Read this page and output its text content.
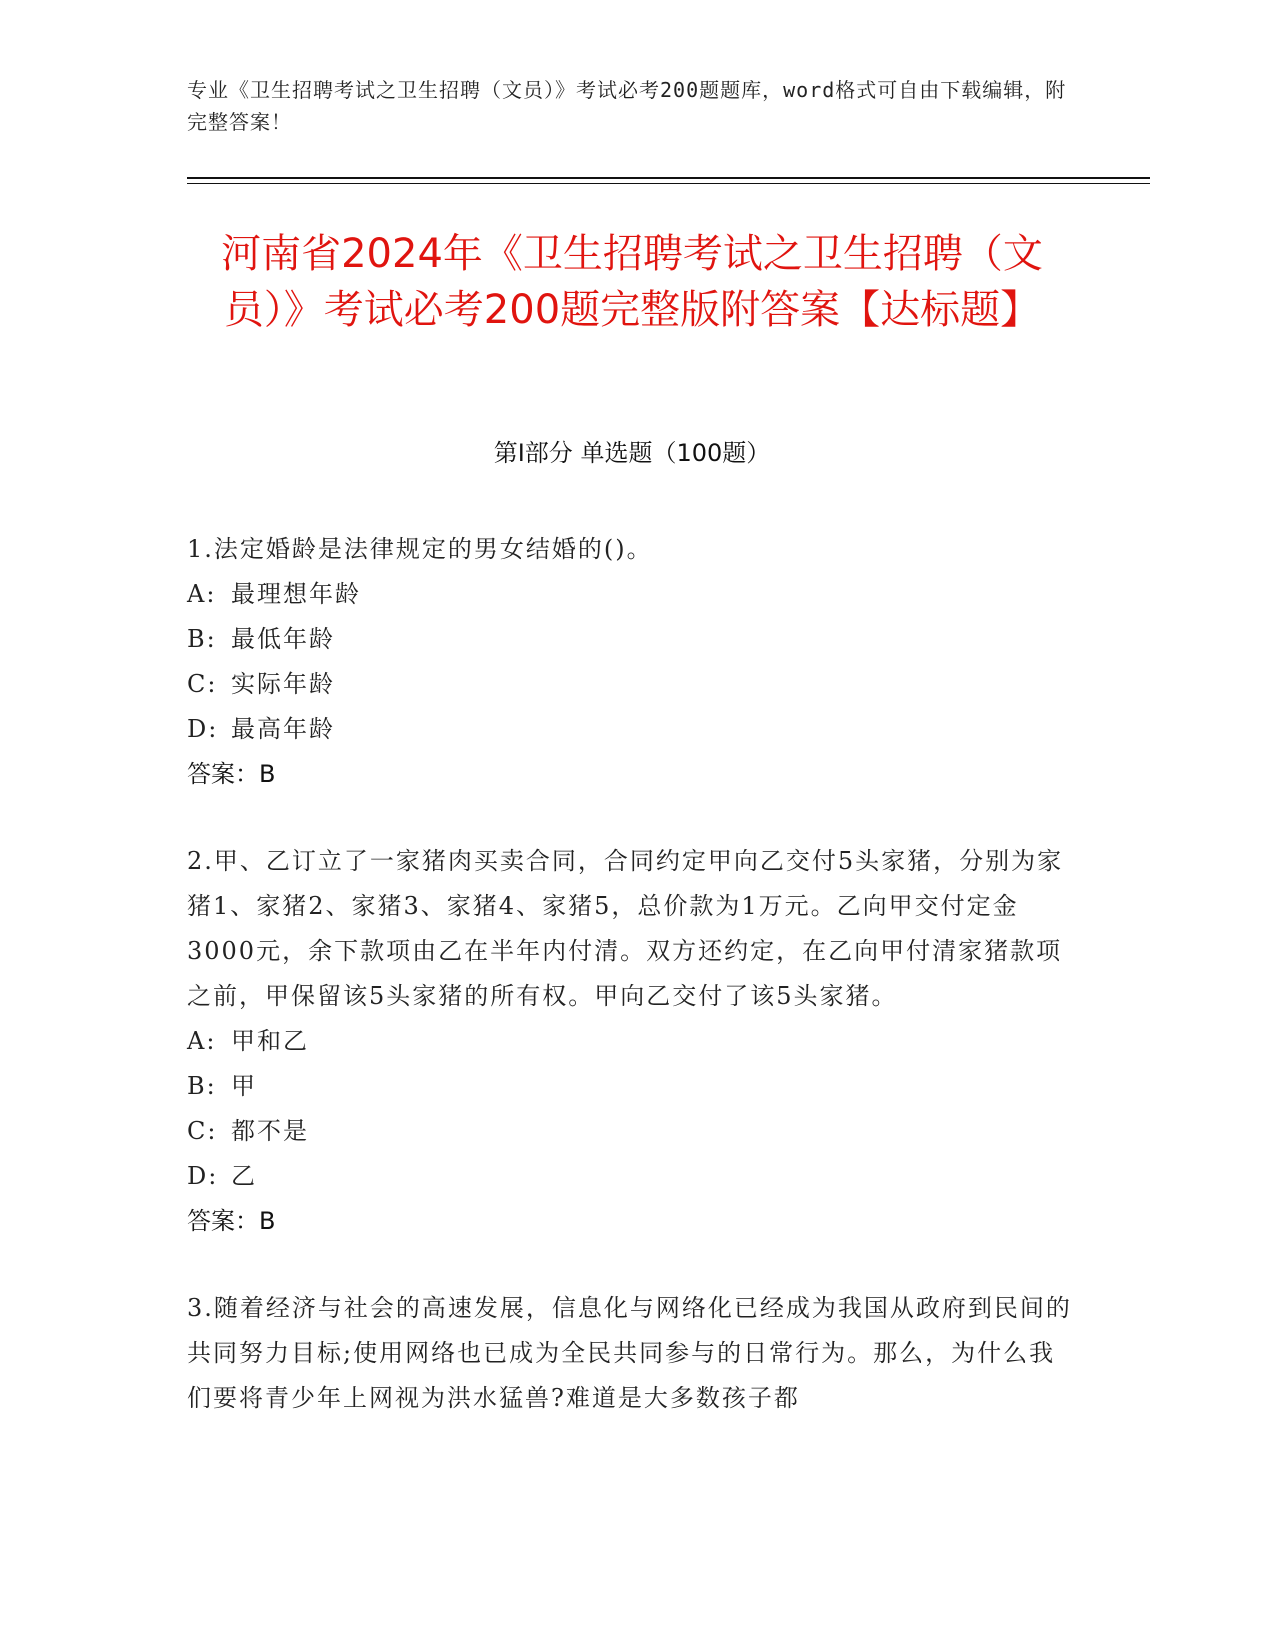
专业《卫生招聘考试之卫生招聘（文员）》考试必考200题题库，word格式可自由下载编辑，附完整答案！
河南省2024年《卫生招聘考试之卫生招聘（文员）》考试必考200题完整版附答案【达标题】
第I部分 单选题（100题）
1.法定婚龄是法律规定的男女结婚的()。
A: 最理想年龄
B: 最低年龄
C: 实际年龄
D: 最高年龄
答案：B
2.甲、乙订立了一家猪肉买卖合同，合同约定甲向乙交付5头家猪，分别为家猪1、家猪2、家猪3、家猪4、家猪5，总价款为1万元。乙向甲交付定金3000元，余下款项由乙在半年内付清。双方还约定，在乙向甲付清家猪款项之前，甲保留该5头家猪的所有权。甲向乙交付了该5头家猪。
A: 甲和乙
B: 甲
C: 都不是
D: 乙
答案：B
3.随着经济与社会的高速发展，信息化与网络化已经成为我国从政府到民间的共同努力目标;使用网络也已成为全民共同参与的日常行为。那么，为什么我们要将青少年上网视为洪水猛兽?难道是大多数孩子都
